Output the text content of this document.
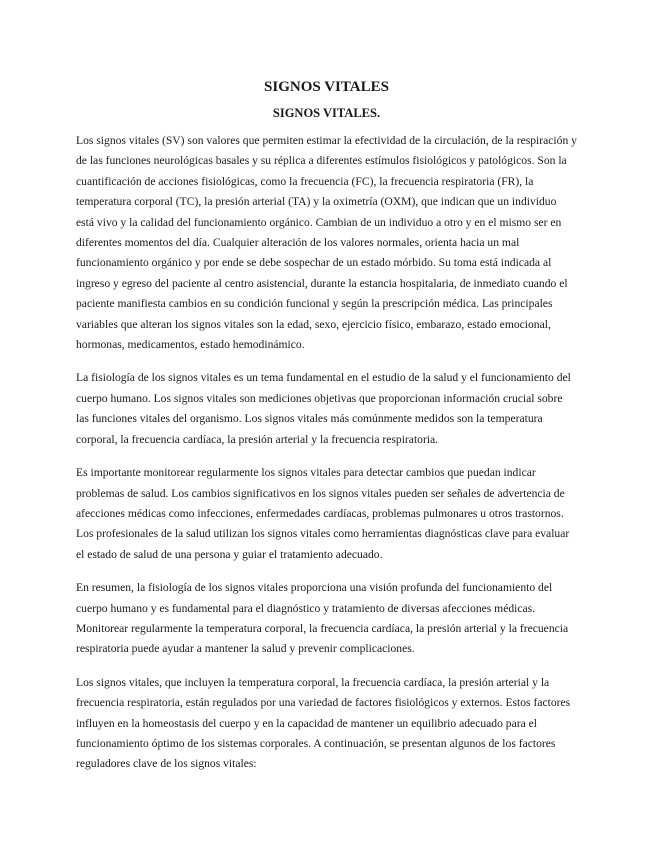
SIGNOS VITALES
SIGNOS VITALES.

Los signos vitales (SV) son valores que permiten estimar la efectividad de la circulación, de la respiración y de las funciones neurológicas basales y su réplica a diferentes estímulos fisiológicos y patológicos. Son la cuantificación de acciones fisiológicas, como la frecuencia (FC), la frecuencia respiratoria (FR), la temperatura corporal (TC), la presión arterial (TA) y la oximetría (OXM), que indican que un individuo está vivo y la calidad del funcionamiento orgánico. Cambian de un individuo a otro y en el mismo ser en diferentes momentos del día. Cualquier alteración de los valores normales, orienta hacia un mal funcionamiento orgánico y por ende se debe sospechar de un estado mórbido. Su toma está indicada al ingreso y egreso del paciente al centro asistencial, durante la estancia hospitalaria, de inmediato cuando el paciente manifiesta cambios en su condición funcional y según la prescripción médica. Las principales variables que alteran los signos vitales son la edad, sexo, ejercicio físico, embarazo, estado emocional, hormonas, medicamentos, estado hemodinámico.

La fisiología de los signos vitales es un tema fundamental en el estudio de la salud y el funcionamiento del cuerpo humano. Los signos vitales son mediciones objetivas que proporcionan información crucial sobre las funciones vitales del organismo. Los signos vitales más comúnmente medidos son la temperatura corporal, la frecuencia cardíaca, la presión arterial y la frecuencia respiratoria.

Es importante monitorear regularmente los signos vitales para detectar cambios que puedan indicar problemas de salud. Los cambios significativos en los signos vitales pueden ser señales de advertencia de afecciones médicas como infecciones, enfermedades cardíacas, problemas pulmonares u otros trastornos. Los profesionales de la salud utilizan los signos vitales como herramientas diagnósticas clave para evaluar el estado de salud de una persona y guiar el tratamiento adecuado.

En resumen, la fisiología de los signos vitales proporciona una visión profunda del funcionamiento del cuerpo humano y es fundamental para el diagnóstico y tratamiento de diversas afecciones médicas. Monitorear regularmente la temperatura corporal, la frecuencia cardíaca, la presión arterial y la frecuencia respiratoria puede ayudar a mantener la salud y prevenir complicaciones.

Los signos vitales, que incluyen la temperatura corporal, la frecuencia cardíaca, la presión arterial y la frecuencia respiratoria, están regulados por una variedad de factores fisiológicos y externos. Estos factores influyen en la homeostasis del cuerpo y en la capacidad de mantener un equilibrio adecuado para el funcionamiento óptimo de los sistemas corporales. A continuación, se presentan algunos de los factores reguladores clave de los signos vitales:
